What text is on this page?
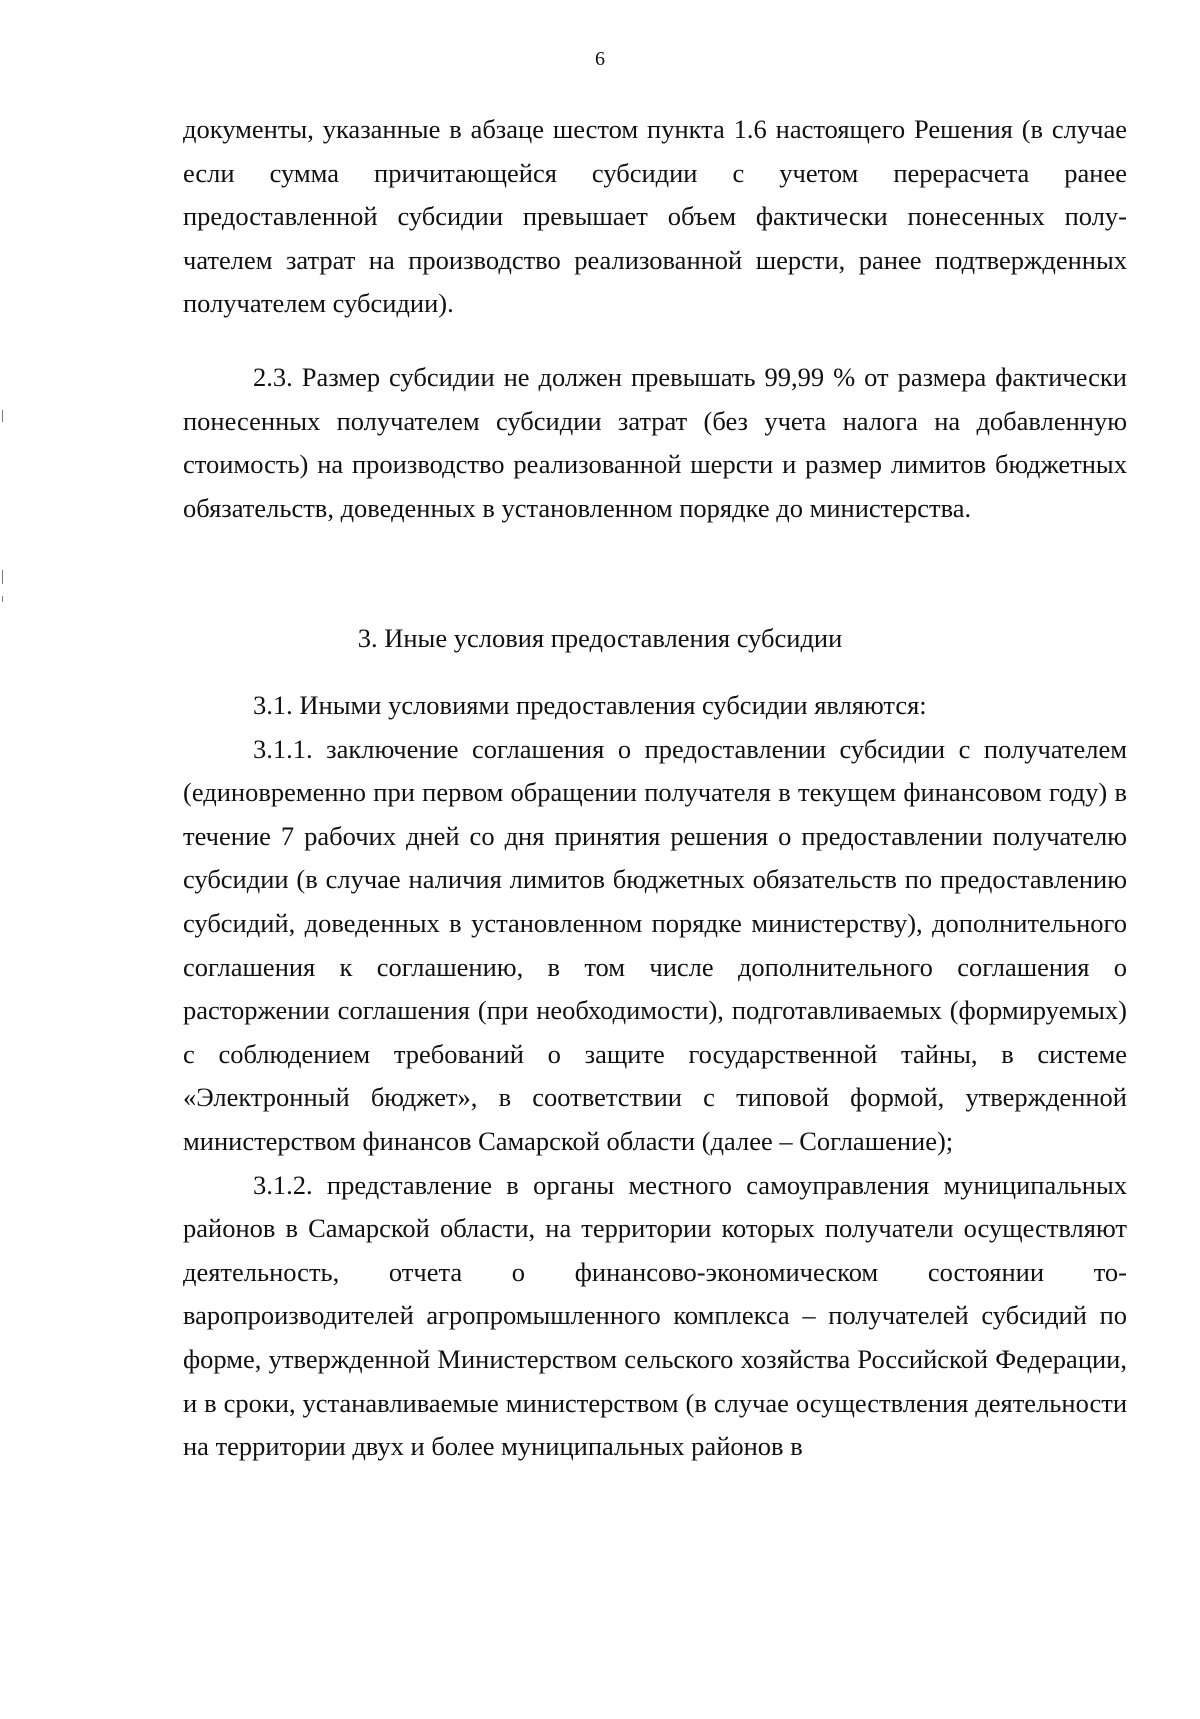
6

документы, указанные в абзаце шестом пункта 1.6 настоящего Решения (в случае если сумма причитающейся субсидии с учетом перерасчета ранее предоставленной субсидии превышает объем фактически понесенных получателем затрат на производство реализованной шерсти, ранее подтвержденных получателем субсидии).

2.3. Размер субсидии не должен превышать 99,99 % от размера фактически понесенных получателем субсидии затрат (без учета налога на добавленную стоимость) на производство реализованной шерсти и размер лимитов бюджетных обязательств, доведенных в установленном порядке до министерства.

3. Иные условия предоставления субсидии

3.1. Иными условиями предоставления субсидии являются:

3.1.1. заключение соглашения о предоставлении субсидии с получателем (единовременно при первом обращении получателя в текущем финансовом году) в течение 7 рабочих дней со дня принятия решения о предоставлении получателю субсидии (в случае наличия лимитов бюджетных обязательств по предоставлению субсидий, доведенных в установленном порядке министерству), дополнительного соглашения к соглашению, в том числе дополнительного соглашения о расторжении соглашения (при необходимости), подготавливаемых (формируемых) с соблюдением требований о защите государственной тайны, в системе «Электронный бюджет», в соответствии с типовой формой, утвержденной министерством финансов Самарской области (далее – Соглашение);

3.1.2. представление в органы местного самоуправления муниципальных районов в Самарской области, на территории которых получатели осуществляют деятельность, отчета о финансово-экономическом состоянии товаропроизводителей агропромышленного комплекса – получателей субсидий по форме, утвержденной Министерством сельского хозяйства Российской Федерации, и в сроки, устанавливаемые министерством (в случае осуществления деятельности на территории двух и более муниципальных районов в
